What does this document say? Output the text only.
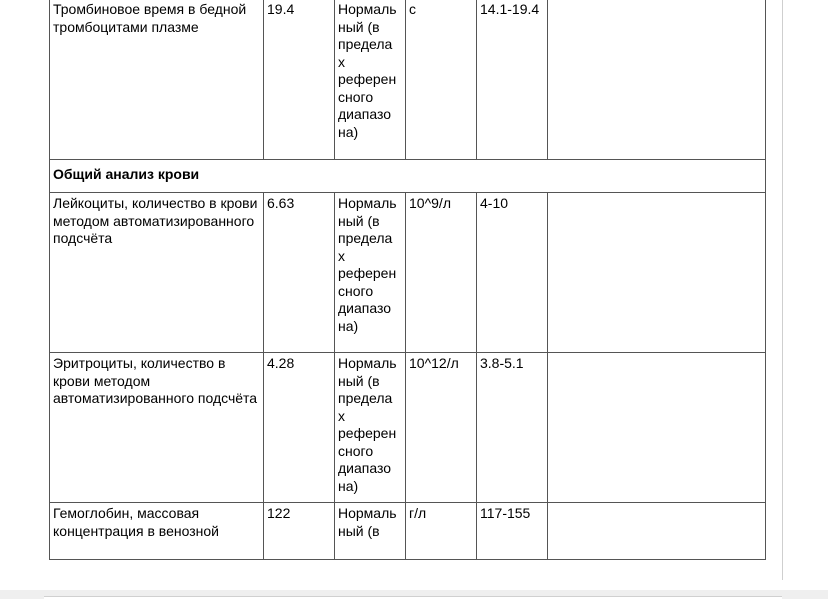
Тромбиновое время в бедной тромбоцитами плазме	19.4	Нормаль ный (в предела х референ сного диапазо на)	с	14.1-19.4	
Общий анализ крови					
Лейкоциты, количество в крови методом автоматизированного подсчёта	6.63	Нормаль ный (в предела х референ сного диапазо на)	10^9/л	4-10	
Эритроциты, количество в крови методом автоматизированного подсчёта	4.28	Нормаль ный (в предела х референ сного диапазо на)	10^12/л	3.8-5.1	
Гемоглобин, массовая концентрация в венозной	122	Нормаль ный (в	г/л	117-155	
